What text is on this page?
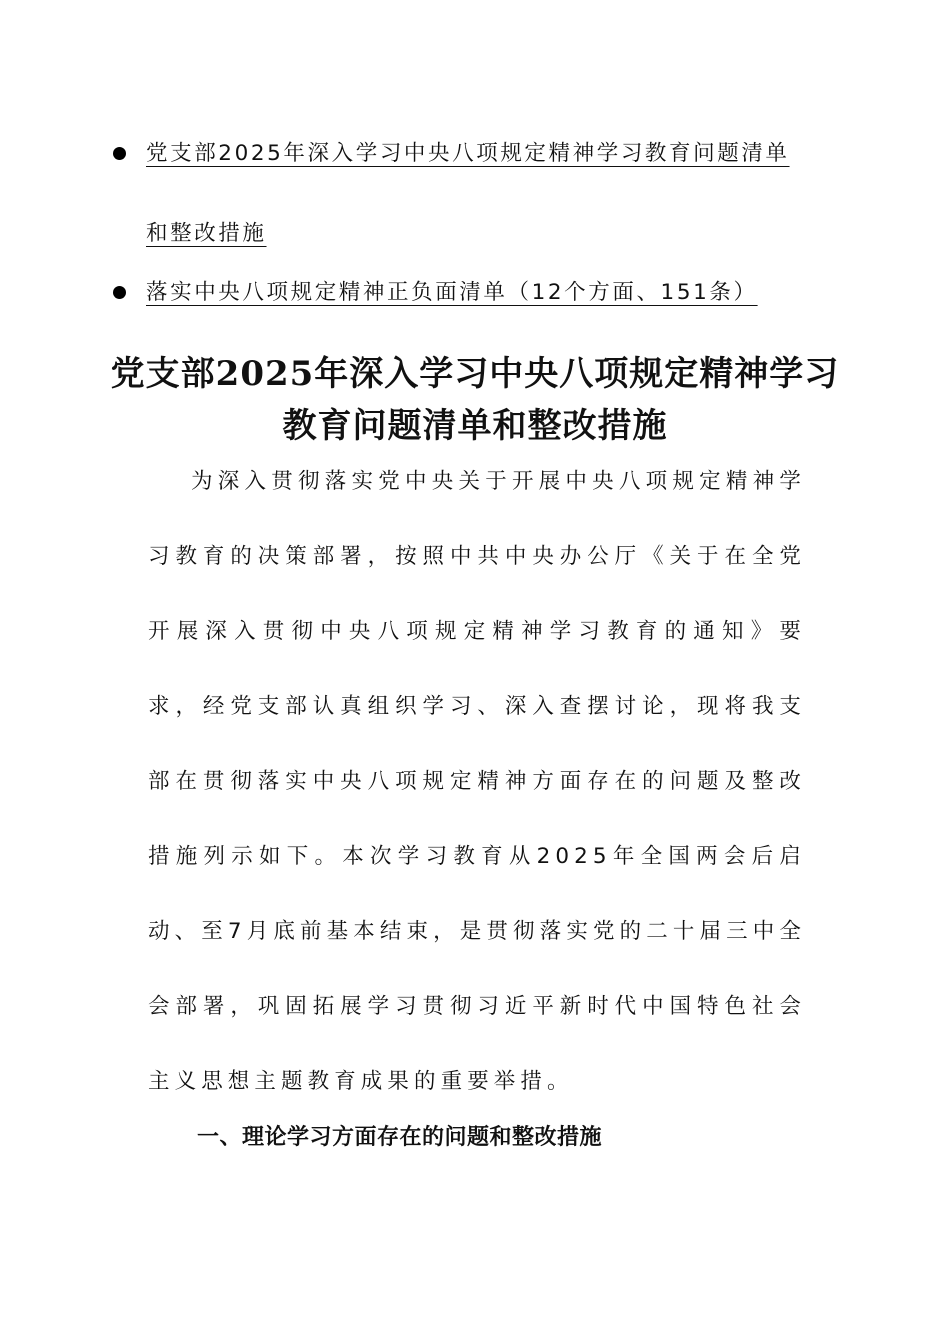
党支部2025年深入学习中央八项规定精神学习教育问题清单和整改措施
落实中央八项规定精神正负面清单（12个方面、151条）
党支部2025年深入学习中央八项规定精神学习教育问题清单和整改措施
为深入贯彻落实党中央关于开展中央八项规定精神学习教育的决策部署，按照中共中央办公厅《关于在全党开展深入贯彻中央八项规定精神学习教育的通知》要求，经党支部认真组织学习、深入查摆讨论，现将我支部在贯彻落实中央八项规定精神方面存在的问题及整改措施列示如下。本次学习教育从2025年全国两会后启动、至7月底前基本结束，是贯彻落实党的二十届三中全会部署，巩固拓展学习贯彻习近平新时代中国特色社会主义思想主题教育成果的重要举措。
一、理论学习方面存在的问题和整改措施
